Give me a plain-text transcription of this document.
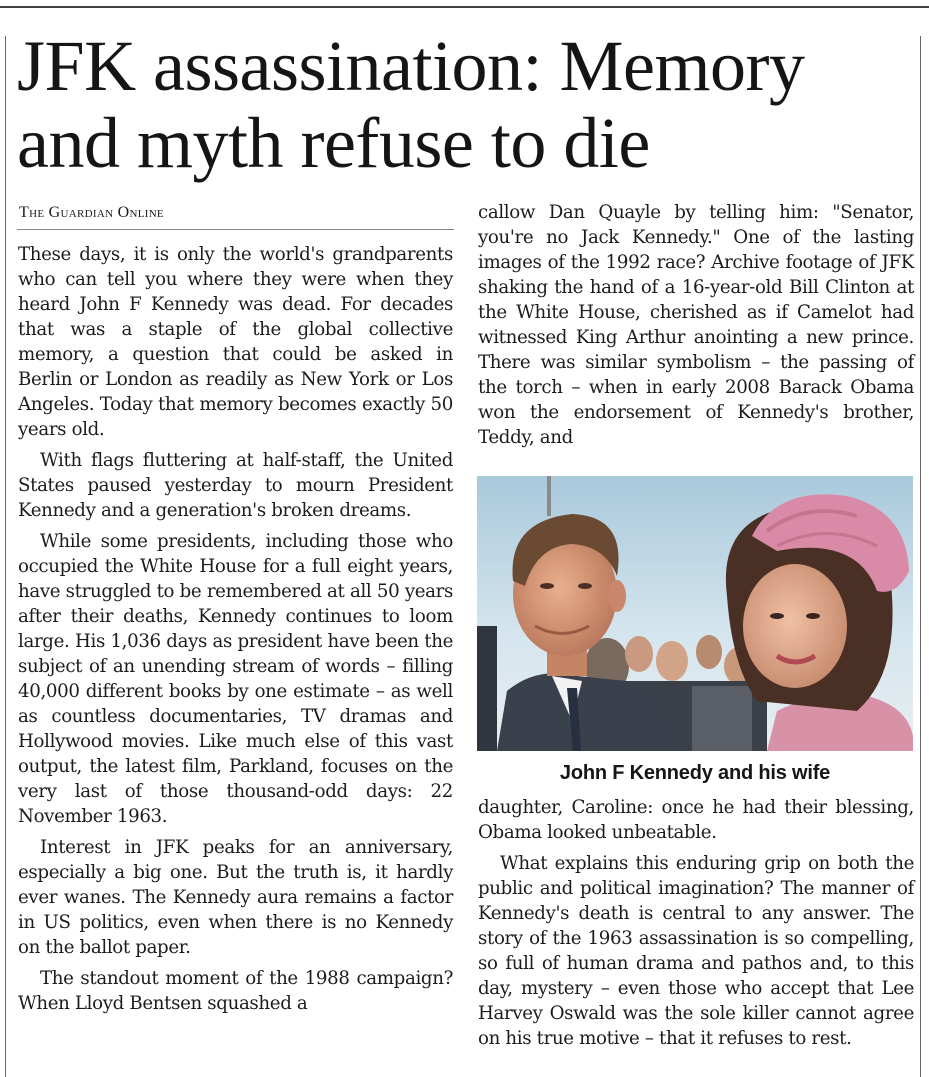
JFK assassination: Memory and myth refuse to die
The Guardian Online

These days, it is only the world's grandparents who can tell you where they were when they heard John F Kennedy was dead. For decades that was a staple of the global collective memory, a question that could be asked in Berlin or London as readily as New York or Los Angeles. Today that memory becomes exactly 50 years old.

With flags fluttering at half-staff, the United States paused yesterday to mourn President Kennedy and a generation's broken dreams.

While some presidents, including those who occupied the White House for a full eight years, have struggled to be remembered at all 50 years after their deaths, Kennedy continues to loom large. His 1,036 days as president have been the subject of an unending stream of words – filling 40,000 different books by one estimate – as well as countless documentaries, TV dramas and Hollywood movies. Like much else of this vast output, the latest film, Parkland, focuses on the very last of those thousand-odd days: 22 November 1963.

Interest in JFK peaks for an anniversary, especially a big one. But the truth is, it hardly ever wanes. The Kennedy aura remains a factor in US politics, even when there is no Kennedy on the ballot paper.

The standout moment of the 1988 campaign? When Lloyd Bentsen squashed a

callow Dan Quayle by telling him: "Senator, you're no Jack Kennedy." One of the lasting images of the 1992 race? Archive footage of JFK shaking the hand of a 16-year-old Bill Clinton at the White House, cherished as if Camelot had witnessed King Arthur anointing a new prince. There was similar symbolism – the passing of the torch – when in early 2008 Barack Obama won the endorsement of Kennedy's brother, Teddy, and

John F Kennedy and his wife

daughter, Caroline: once he had their blessing, Obama looked unbeatable.

What explains this enduring grip on both the public and political imagination? The manner of Kennedy's death is central to any answer. The story of the 1963 assassination is so compelling, so full of human drama and pathos and, to this day, mystery – even those who accept that Lee Harvey Oswald was the sole killer cannot agree on his true motive – that it refuses to rest.
